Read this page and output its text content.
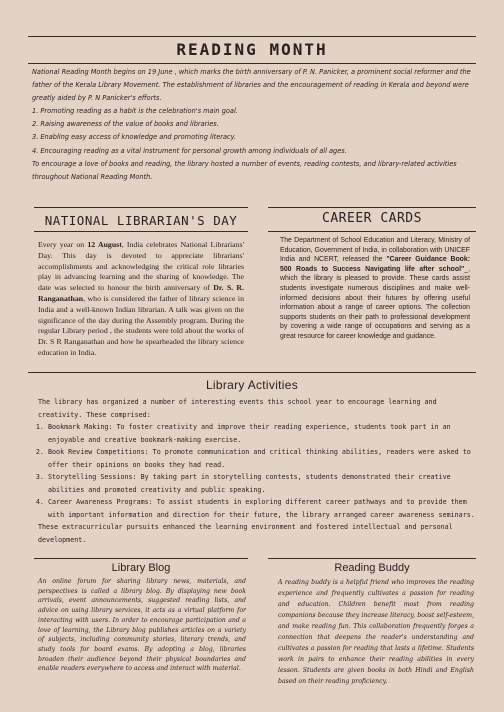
READING MONTH

National Reading Month begins on 19 June , which marks the birth anniversary of P. N. Panicker, a prominent social reformer and the father of the Kerala Library Movement. The establishment of libraries and the encouragement of reading in Kerala and beyond were greatly aided by P. N Panicker's efforts.

1. Promoting reading as a habit is the celebration's main goal.

2. Raising awareness of the value of books and libraries.

3. Enabling easy access of knowledge and promoting literacy.

4. Encouraging reading as a vital instrument for personal growth among individuals of all ages.

To encourage a love of books and reading, the library hosted a number of events, reading contests, and library-related activities throughout National Reading Month.

NATIONAL LIBRARIAN'S DAY	CAREER CARDS
Every year on 12 August, India celebrates National Librarians' Day. This day is devoted to appreciate librarians' accomplishments and acknowledging the critical role libraries play in advancing learning and the sharing of knowledge. The date was selected to honour the birth anniversary of Dr. S. R. Ranganathan, who is considered the father of library science in India and a well-known Indian librarian. A talk was given on the significance of the day during the Assembly program. During the regular Library period , the students were told about the works of Dr. S R Ranganathan and how he spearheaded the library science education in India.
The Department of School Education and Literacy, Ministry of Education, Government of India, in collaboration with UNICEF India and NCERT, released the "Career Guidance Book: 500 Roads to Success Navigating life after school"_, which the library is pleased to provide. These cards assist students investigate numerous disciplines and make well-informed decisions about their futures by offering useful information about a range of career options. The collection supports students on their path to professional development by covering a wide range of occupations and serving as a great resource for career knowledge and guidance.
Library Activities

The library has organized a number of interesting events this school year to encourage learning and creativity. These comprised:

1. Bookmark Making: To foster creativity and improve their reading experience, students took part in an enjoyable and creative bookmark-making exercise.
2. Book Review Competitions: To promote communication and critical thinking abilities, readers were asked to offer their opinions on books they had read.
3. Storytelling Sessions: By taking part in storytelling contests, students demonstrated their creative abilities and promoted creativity and public speaking.
4. Career Awareness Programs: To assist students in exploring different career pathways and to provide them with important information and direction for their future, the library arranged career awareness seminars.

These extracurricular pursuits enhanced the learning environment and fostered intellectual and personal development.

Library Blog
An online forum for sharing library news, materials, and perspectives is called a library blog. By displaying new book arrivals, event announcements, suggested reading lists, and advice on using library services, it acts as a virtual platform for interacting with users. In order to encourage participation and a love of learning, the Library blog publishes articles on a variety of subjects, including community stories, literary trends, and study tools for board exams. By adopting a blog, libraries broaden their audience beyond their physical boundaries and enable readers everywhere to access and interact with material.
Reading Buddy
A reading buddy is a helpful friend who improves the reading experience and frequently cultivates a passion for reading and education. Children benefit most from reading companions because they increase literacy, boost self-esteem, and make reading fun. This collaboration frequently forges a connection that deepens the reader's understanding and cultivates a passion for reading that lasts a lifetime. Students work in pairs to enhance their reading abilities in every lesson. Students are given books in both Hindi and English based on their reading proficiency.
